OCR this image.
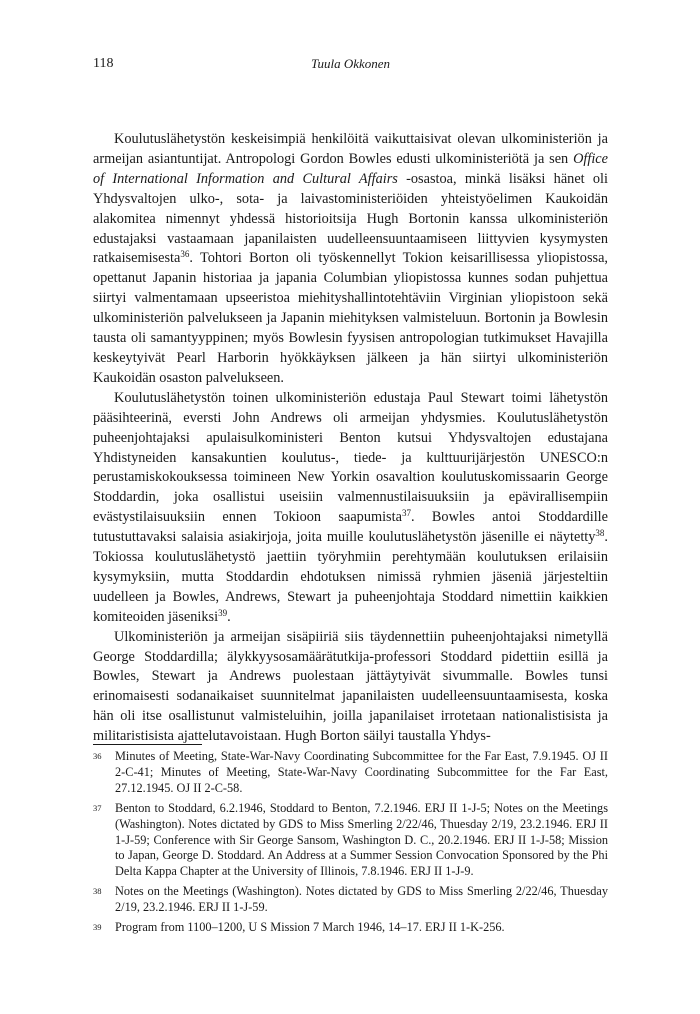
118	Tuula Okkonen

Koulutuslähetystön keskeisimpiä henkilöitä vaikuttaisivat olevan ulkoministeriön ja armeijan asiantuntijat. Antropologi Gordon Bowles edusti ulkoministeriötä ja sen Office of International Information and Cultural Affairs -osastoa, minkä lisäksi hänet oli Yhdysvaltojen ulko-, sota- ja laivastoministeriöiden yhteistyöelimen Kaukoidän alakomitea nimennyt yhdessä historioitsija Hugh Bortonin kanssa ulkoministeriön edustajaksi vastaamaan japanilaisten uudelleensuuntaamiseen liittyvien kysymysten ratkaisemisesta$^{36}$. Tohtori Borton oli työskennellyt Tokion keisarillisessa yliopistossa, opettanut Japanin historiaa ja japania Columbian yliopistossa kunnes sodan puhjettua siirtyi valmentamaan upseeristoa miehityshallintotehtäviin Virginian yliopistoon sekä ulkoministeriön palvelukseen ja Japanin miehityksen valmisteluun. Bortonin ja Bowlesin tausta oli samantyyppinen; myös Bowlesin fyysisen antropologian tutkimukset Havajilla keskeytyivät Pearl Harborin hyökkäyksen jälkeen ja hän siirtyi ulkoministeriön Kaukoidän osaston palvelukseen.

Koulutuslähetystön toinen ulkoministeriön edustaja Paul Stewart toimi lähetystön pääsihteerinä, eversti John Andrews oli armeijan yhdysmies. Koulutuslähetystön puheenjohtajaksi apulaisulkoministeri Benton kutsui Yhdysvaltojen edustajana Yhdistyneiden kansakuntien koulutus-, tiede- ja kulttuurijärjestön UNESCO:n perustamiskokouksessa toimineen New Yorkin osavaltion koulutuskomissaarin George Stoddardin, joka osallistui useisiin valmennustilaisuuksiin ja epävirallisempiin evästystilaisuuksiin ennen Tokioon saapumista$^{37}$. Bowles antoi Stoddardille tutustuttavaksi salaisia asiakirjoja, joita muille koulutuslähetystön jäsenille ei näytetty$^{38}$. Tokiossa koulutuslähetystö jaettiin työryhmiin perehtymään koulutuksen erilaisiin kysymyksiin, mutta Stoddardin ehdotuksen nimissä ryhmien jäseniä järjesteltiin uudelleen ja Bowles, Andrews, Stewart ja puheenjohtaja Stoddard nimettiin kaikkien komiteoiden jäseniksi$^{39}$.

Ulkoministeriön ja armeijan sisäpiiriä siis täydennettiin puheenjohtajaksi nimetyllä George Stoddardilla; älykkyysosamäärätutkija-professori Stoddard pidettiin esillä ja Bowles, Stewart ja Andrews puolestaan jättäytyivät sivummalle. Bowles tunsi erinomaisesti sodanaikaiset suunnitelmat japanilaisten uudelleensuuntaamisesta, koska hän oli itse osallistunut valmisteluihin, joilla japanilaiset irrotetaan nationalistisista ja militaristisista ajattelutavoistaan. Hugh Borton säilyi taustalla Yhdys-

36 Minutes of Meeting, State-War-Navy Coordinating Subcommittee for the Far East, 7.9.1945. OJ II 2-C-41; Minutes of Meeting, State-War-Navy Coordinating Subcommittee for the Far East, 27.12.1945. OJ II 2-C-58.
37 Benton to Stoddard, 6.2.1946, Stoddard to Benton, 7.2.1946. ERJ II 1-J-5; Notes on the Meetings (Washington). Notes dictated by GDS to Miss Smerling 2/22/46, Thuesday 2/19, 23.2.1946. ERJ II 1-J-59; Conference with Sir George Sansom, Washington D. C., 20.2.1946. ERJ II 1-J-58; Mission to Japan, George D. Stoddard. An Address at a Summer Session Convocation Sponsored by the Phi Delta Kappa Chapter at the University of Illinois, 7.8.1946. ERJ II 1-J-9.
38 Notes on the Meetings (Washington). Notes dictated by GDS to Miss Smerling 2/22/46, Thuesday 2/19, 23.2.1946. ERJ II 1-J-59.
39 Program from 1100–1200, U S Mission 7 March 1946, 14–17. ERJ II 1-K-256.
